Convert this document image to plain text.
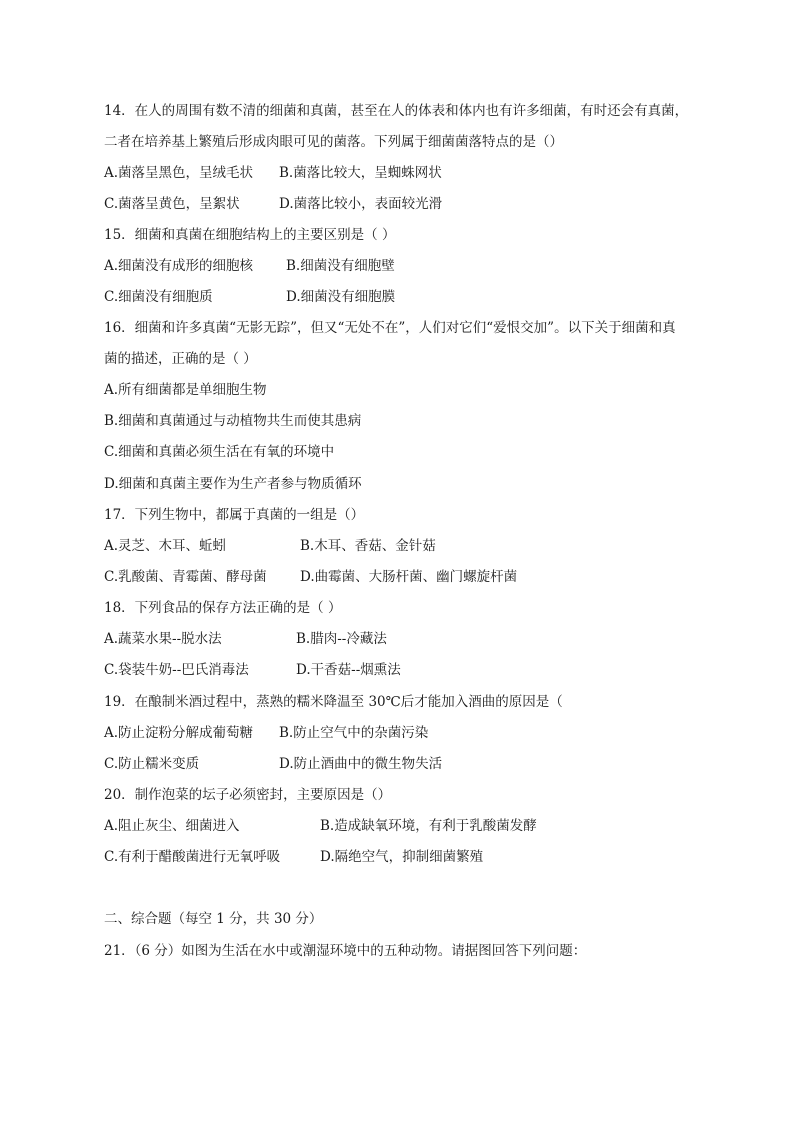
14．在人的周围有数不清的细菌和真菌，甚至在人的体表和体内也有许多细菌，有时还会有真菌，
二者在培养基上繁殖后形成肉眼可见的菌落。下列属于细菌菌落特点的是（）
A.菌落呈黑色，呈绒毛状 B.菌落比较大，呈蜘蛛网状
C.菌落呈黄色，呈絮状	D.菌落比较小，表面较光滑
15．细菌和真菌在细胞结构上的主要区别是（ ）
A.细菌没有成形的细胞核 B.细菌没有细胞壁
C.细菌没有细胞质	D.细菌没有细胞膜
16．细菌和许多真菌“无影无踪”，但又“无处不在”，人们对它们“爱恨交加”。以下关于细菌和真
菌的描述，正确的是（ ）
A.所有细菌都是单细胞生物
B.细菌和真菌通过与动植物共生而使其患病
C.细菌和真菌必须生活在有氧的环境中
D.细菌和真菌主要作为生产者参与物质循环
17．下列生物中，都属于真菌的一组是（）
A.灵芝、木耳、蚯蚓	B.木耳、香菇、金针菇
C.乳酸菌、青霉菌、酵母菌 D.曲霉菌、大肠杆菌、幽门螺旋杆菌
18．下列食品的保存方法正确的是（ ）
A.蔬菜水果--脱水法	B.腊肉--冷藏法
C.袋装牛奶--巴氏消毒法	D.干香菇--烟熏法
19．在酿制米酒过程中，蒸熟的糯米降温至 30℃后才能加入酒曲的原因是（
A.防止淀粉分解成葡萄糖 B.防止空气中的杂菌污染
C.防止糯米变质	D.防止酒曲中的微生物失活
20．制作泡菜的坛子必须密封，主要原因是（）
A.阻止灰尘、细菌进入	B.造成缺氧环境，有利于乳酸菌发酵
C.有利于醋酸菌进行无氧呼吸	D.隔绝空气，抑制细菌繁殖
二、综合题（每空 1 分，共 30 分）
21．（6 分）如图为生活在水中或潮湿环境中的五种动物。请据图回答下列问题：
